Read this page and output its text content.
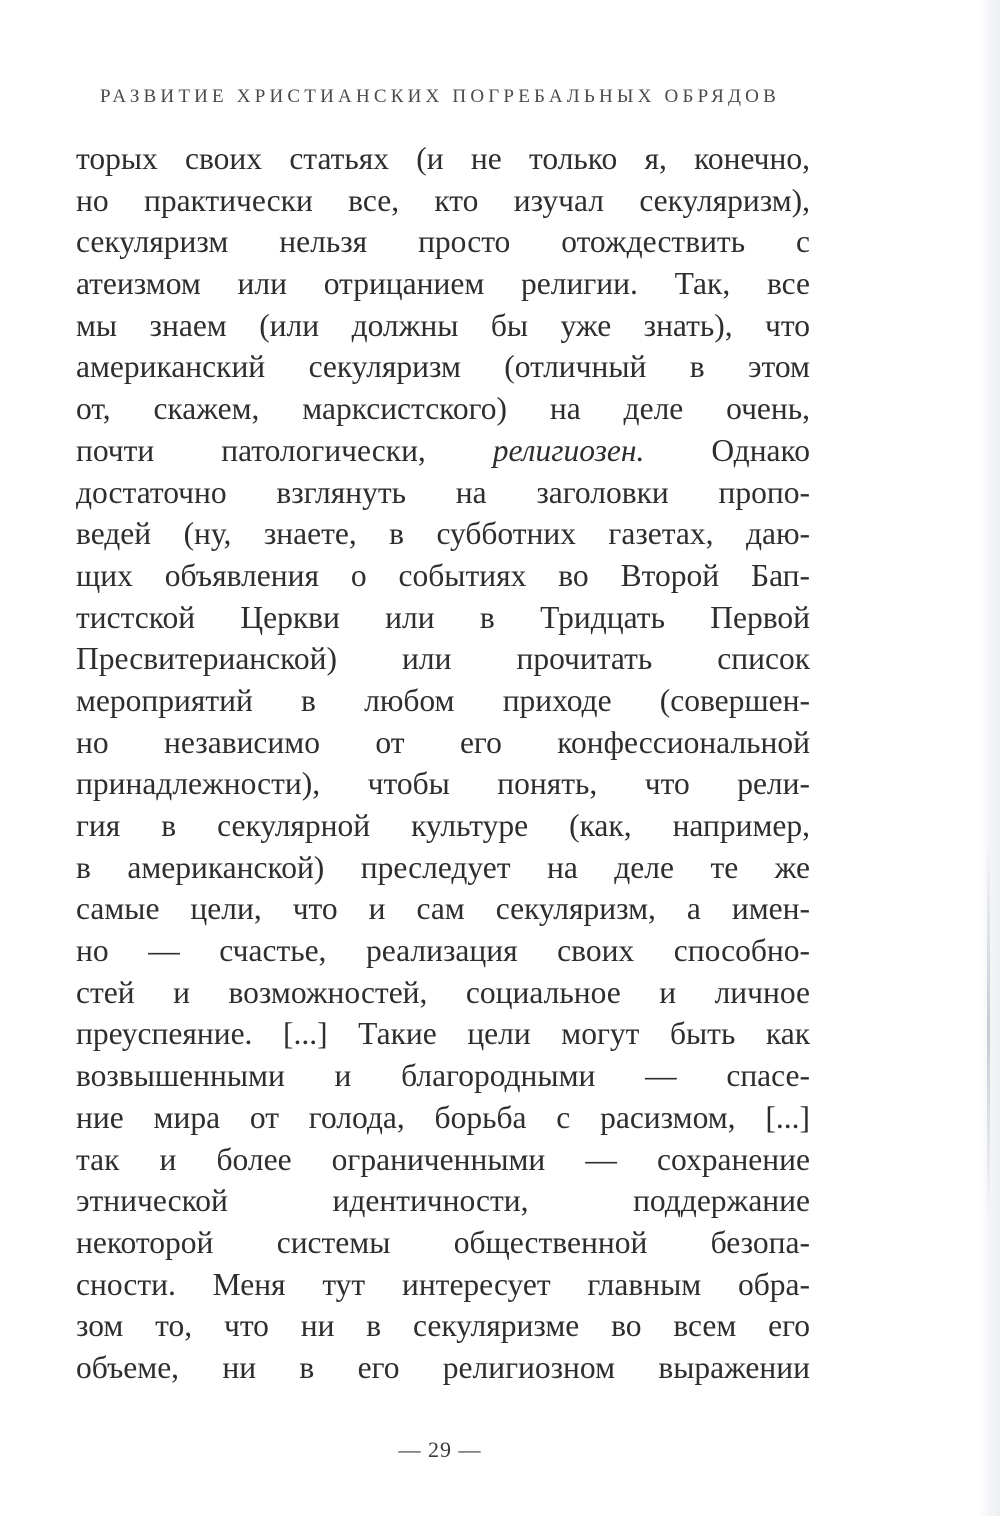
РАЗВИТИЕ ХРИСТИАНСКИХ ПОГРЕБАЛЬНЫХ ОБРЯДОВ
торых своих статьях (и не только я, конечно,
но практически все, кто изучал секуляризм),
секуляризм нельзя просто отождествить с
атеизмом или отрицанием религии. Так, все
мы знаем (или должны бы уже знать), что
американский секуляризм (отличный в этом
от, скажем, марксистского) на деле очень,
почти патологически, религиозен. Однако
достаточно взглянуть на заголовки пропо-
ведей (ну, знаете, в субботних газетах, даю-
щих объявления о событиях во Второй Бап-
тистской Церкви или в Тридцать Первой
Пресвитерианской) или прочитать список
мероприятий в любом приходе (совершен-
но независимо от его конфессиональной
принадлежности), чтобы понять, что рели-
гия в секулярной культуре (как, например,
в американской) преследует на деле те же
самые цели, что и сам секуляризм, а имен-
но — счастье, реализация своих способно-
стей и возможностей, социальное и личное
преуспеяние. [...] Такие цели могут быть как
возвышенными и благородными — спасе-
ние мира от голода, борьба с расизмом, [...]
так и более ограниченными — сохранение
этнической идентичности, поддержание
некоторой системы общественной безопа-
сности. Меня тут интересует главным обра-
зом то, что ни в секуляризме во всем его
объеме, ни в его религиозном выражении
— 29 —
